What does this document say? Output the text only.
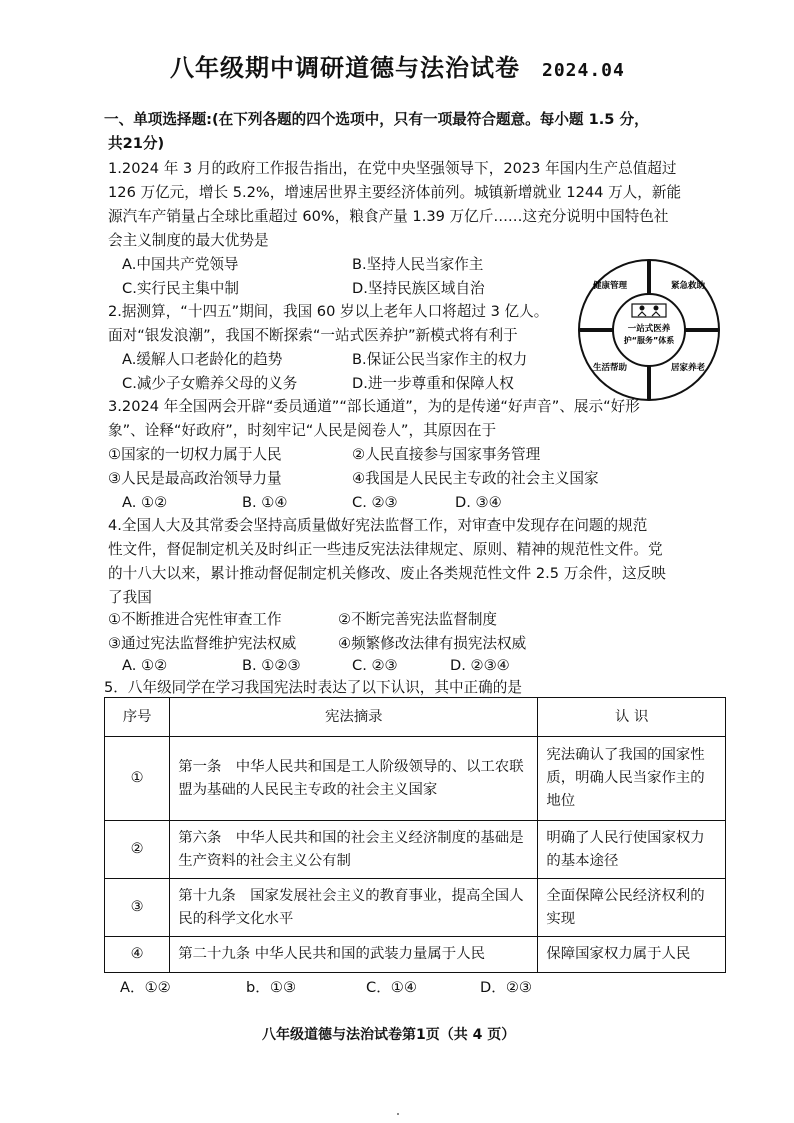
八年级期中调研道德与法治试卷 2024.04
一、单项选择题:(在下列各题的四个选项中，只有一项最符合题意。每小题 1.5 分，
共21分)
1.2024 年 3 月的政府工作报告指出，在党中央坚强领导下，2023 年国内生产总值超过
126 万亿元，增长 5.2%，增速居世界主要经济体前列。城镇新增就业 1244 万人，新能
源汽车产销量占全球比重超过 60%，粮食产量 1.39 万亿斤……这充分说明中国特色社
会主义制度的最大优势是
A.中国共产党领导	B.坚持人民当家作主
C.实行民主集中制	D.坚持民族区域自治
2.据测算，“十四五”期间，我国 60 岁以上老年人口将超过 3 亿人。
面对“银发浪潮”，我国不断探索“一站式医养护”新模式将有利于
A.缓解人口老龄化的趋势	B.保证公民当家作主的权力
C.减少子女赡养父母的义务	D.进一步尊重和保障人权
一站式医养
护“服务”体系
健康管理	紧急救助
生活帮助	居家养老
3.2024 年全国两会开辟“委员通道”“部长通道”，为的是传递“好声音”、展示“好形
象”、诠释“好政府”，时刻牢记“人民是阅卷人”，其原因在于
①国家的一切权力属于人民	②人民直接参与国家事务管理
③人民是最高政治领导力量	④我国是人民民主专政的社会主义国家
A. ①②	B. ①④	C. ②③	D. ③④
4.全国人大及其常委会坚持高质量做好宪法监督工作，对审查中发现存在问题的规范
性文件，督促制定机关及时纠正一些违反宪法法律规定、原则、精神的规范性文件。党
的十八大以来，累计推动督促制定机关修改、废止各类规范性文件 2.5 万余件，这反映
了我国
①不断推进合宪性审查工作	②不断完善宪法监督制度
③通过宪法监督维护宪法权威	④频繁修改法律有损宪法权威
A. ①②	B. ①②③	C. ②③	D. ②③④
5．八年级同学在学习我国宪法时表达了以下认识，其中正确的是
序号	宪法摘录	认 识
①	第一条　中华人民共和国是工人阶级领导的、以工农联盟为基础的人民民主专政的社会主义国家	宪法确认了我国的国家性质，明确人民当家作主的地位
②	第六条　中华人民共和国的社会主义经济制度的基础是生产资料的社会主义公有制	明确了人民行使国家权力的基本途径
③	第十九条　国家发展社会主义的教育事业，提高全国人民的科学文化水平	全面保障公民经济权利的实现
④	第二十九条 中华人民共和国的武装力量属于人民	保障国家权力属于人民
A．①②	b．①③	C．①④	D．②③
八年级道德与法治试卷第1页（共 4 页）
